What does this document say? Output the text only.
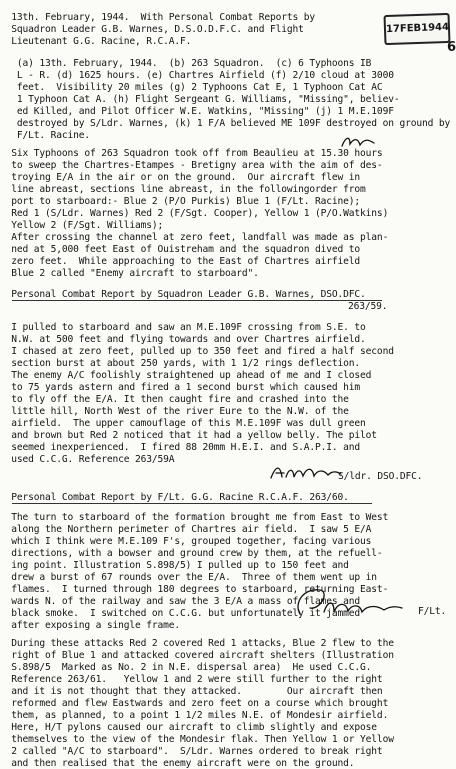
17FEB1944
6
13th. February, 1944.  With Personal Combat Reports by
Squadron Leader G.B. Warnes, D.S.O.D.F.C. and Flight
Lieutenant G.G. Racine, R.C.A.F.
(a) 13th. February, 1944.  (b) 263 Squadron.  (c) 6 Typhoons IB
L - R. (d) 1625 hours. (e) Chartres Airfield (f) 2/10 cloud at 3000
feet.  Visibility 20 miles (g) 2 Typhoons Cat E, 1 Typhoon Cat AC
1 Typhoon Cat A. (h) Flight Sergeant G. Williams, "Missing", believ-
ed Killed, and Pilot Officer W.E. Watkins, "Missing" (j) 1 M.E.109F
destroyed by S/Ldr. Warnes, (k) 1 F/A believed ME 109F destroyed on ground by
F/Lt. Racine.
Six Typhoons of 263 Squadron took off from Beaulieu at 15.30 hours
to sweep the Chartres-Etampes - Bretigny area with the aim of des-
troying E/A in the air or on the ground.  Our aircraft flew in
line abreast, sections line abreast, in the followingorder from
port to starboard:- Blue 2 (P/O Purkis) Blue 1 (F/Lt. Racine);
Red 1 (S/Ldr. Warnes) Red 2 (F/Sgt. Cooper), Yellow 1 (P/O.Watkins)
Yellow 2 (F/Sgt. Williams);
After crossing the channel at zero feet, landfall was made as plan-
ned at 5,000 feet East of Ouistreham and the squadron dived to
zero feet.  While approaching to the East of Chartres airfield
Blue 2 called "Enemy aircraft to starboard".
Personal Combat Report by Squadron Leader G.B. Warnes, DSO.DFC.
263/59.
I pulled to starboard and saw an M.E.109F crossing from S.E. to
N.W. at 500 feet and flying towards and over Chartres airfield.
I chased at zero feet, pulled up to 350 feet and fired a half second
section burst at about 250 yards, with 1 1/2 rings deflection.
The enemy A/C foolishly straightened up ahead of me and I closed
to 75 yards astern and fired a 1 second burst which caused him
to fly off the E/A. It then caught fire and crashed into the
little hill, North West of the river Eure to the N.W. of the
airfield.  The upper camouflage of this M.E.109F was dull green
and brown but Red 2 noticed that it had a yellow belly. The pilot
seemed inexperienced.  I fired 88 20mm H.E.I. and S.A.P.I. and
used C.C.G. Reference 263/59A
S/ldr. DSO.DFC.
Personal Combat Report by F/Lt. G.G. Racine R.C.A.F. 263/60.
The turn to starboard of the formation brought me from East to West
along the Northern perimeter of Chartres air field.  I saw 5 E/A
which I think were M.E.109 F's, grouped together, facing various
directions, with a bowser and ground crew by them, at the refuell-
ing point. Illustration S.898/5) I pulled up to 150 feet and
drew a burst of 67 rounds over the E/A.  Three of them went up in
flames.  I turned through 180 degrees to starboard, returning East-
wards N. of the railway and saw the 3 E/A a mass of flames and
black smoke.  I switched on C.C.G. but unfortunately it jammed
after exposing a single frame.
F/Lt.
During these attacks Red 2 covered Red 1 attacks, Blue 2 flew to the
right of Blue 1 and attacked covered aircraft shelters (Illustration
S.898/5  Marked as No. 2 in N.E. dispersal area)  He used C.C.G.
Reference 263/61.   Yellow 1 and 2 were still further to the right
and it is not thought that they attacked.        Our aircraft then
reformed and flew Eastwards and zero feet on a course which brought
them, as planned, to a point 1 1/2 miles N.E. of Mondesir airfield.
Here, H/T pylons caused our aircraft to climb slightly and expose
themselves to the view of the Mondesir flak. Then Yellow 1 or Yellow
2 called "A/C to starboard".  S/Ldr. Warnes ordered to break right
and then realised that the enemy aircraft were on the ground.
